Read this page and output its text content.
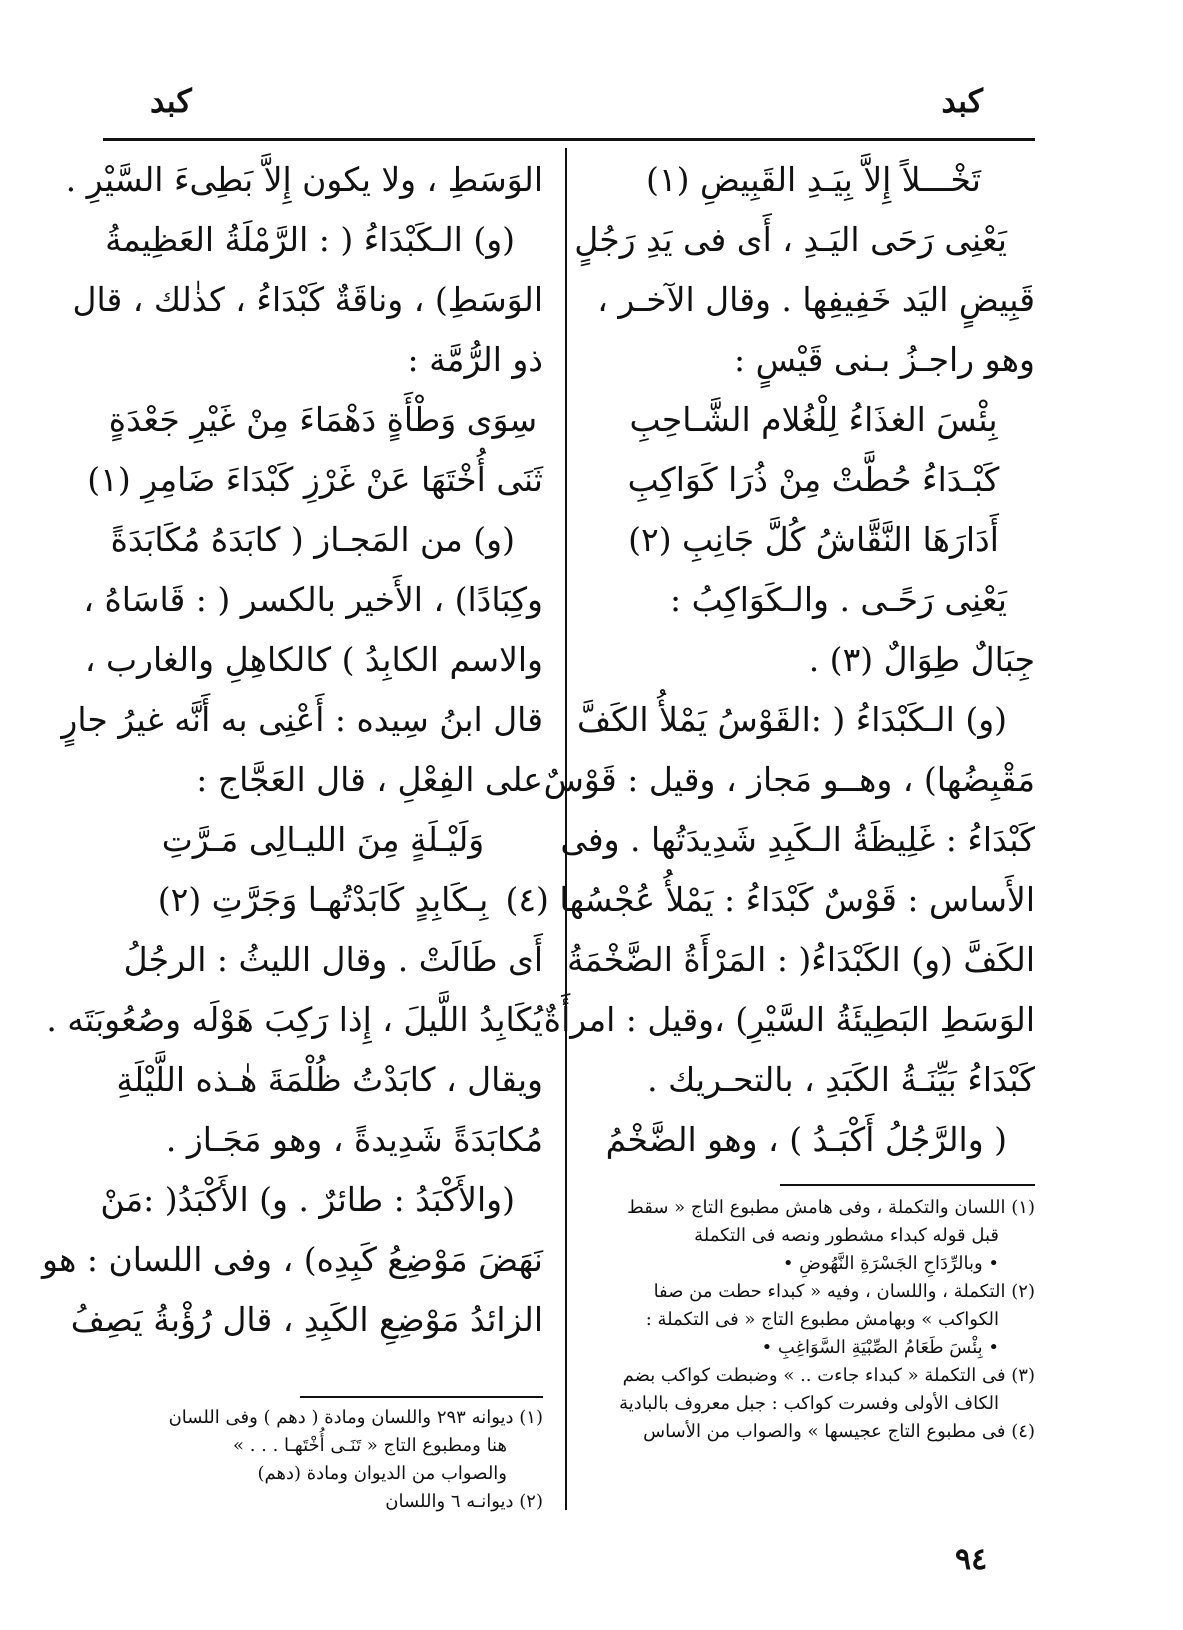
كبد
كبد
تَخْـــلاً إِلاَّ بِيَـدِ القَبِيضِ (١)
يَعْنِى رَحَى اليَـدِ ، أَى فى يَدِ رَجُلٍ
قَبِيضٍ اليَد خَفِيفِها . وقال الآخـر ،
وهو راجـزُ بـنى قَيْسٍ :
بِئْسَ الغذَاءُ لِلْغُلام الشَّـاحِبِ
كَبْـدَاءُ حُطَّتْ مِنْ ذُرَا كَوَاكِبِ
أَدَارَهَا النَّقَّاشُ كُلَّ جَانِبِ (٢)
يَعْنِى رَحًـى . والـكَوَاكِبُ :
جِبَالٌ طِوَالٌ (٣) .
(و) الـكَبْدَاءُ ( :القَوْسُ يَمْلأُ الكَفَّ
مَقْبِضُها) ، وهــو مَجاز ، وقيل : قَوْسٌ
كَبْدَاءُ : غَلِيظَةُ الـكَبِدِ شَدِيدَتُها . وفى
الأَساس : قَوْسٌ كَبْدَاءُ : يَمْلأُ عُجْسُها (٤)
الكَفَّ (و) الكَبْدَاءُ( : المَرْأَةُ الضَّخْمَةُ
الوَسَطِ البَطِيئَةُ السَّيْرِ) ،وقيل : امرأَةٌ
كَبْدَاءُ بَيِّنَـةُ الكَبَدِ ، بالتحـريك .
( والرَّجُلُ أَكْبَـدُ ) ، وهو الضَّخْمُ
الوَسَطِ ، ولا يكون إِلاَّ بَطِىءَ السَّيْرِ .
(و) الـكَبْدَاءُ ( : الرَّمْلَةُ العَظِيمةُ
الوَسَطِ) ، وناقَةٌ كَبْدَاءُ ، كذٰلك ، قال
ذو الرُّمَّة :
سِوَى وَطْأَةٍ دَهْمَاءَ مِنْ غَيْرِ جَعْدَةٍ
ثَنَى أُخْتَهَا عَنْ غَرْزِ كَبْدَاءَ ضَامِرِ (١)
(و) من المَجـاز ( كابَدَهُ مُكَابَدَةً
وكِبَادًا) ، الأَخير بالكسر ( : قَاسَاهُ ،
والاسم الكابِدُ ) كالكاهِلِ والغارب ،
قال ابنُ سِيده : أَعْنِى به أَنَّه غيرُ جارٍ
على الفِعْلِ ، قال العَجَّاج :
وَلَيْـلَةٍ مِنَ الليـالِى مَـرَّتِ
بِـكَابِدٍ كَابَدْتُهـا وَجَرَّتِ (٢)
أَى طَالَتْ . وقال الليثُ : الرجُلُ
يُكَابِدُ اللَّيلَ ، إِذا رَكِبَ هَوْلَه وصُعُوبَتَه .
ويقال ، كابَدْتُ ظُلْمَةَ هٰـذه اللَّيْلَةِ
مُكابَدَةً شَدِيدةً ، وهو مَجَـاز .
(والأَكْبَدُ : طائرٌ . و) الأَكْبَدُ( :مَنْ
نَهَضَ مَوْضِعُ كَبِدِه) ، وفى اللسان : هو
الزائدُ مَوْضِعِ الكَبِدِ ، قال رُؤْبةُ يَصِفُ
(١) اللسان والتكملة ، وفى هامش مطبوع التاج « سقط
قبل قوله كبداء مشطور ونصه فى التكملة
• وبالرِّدَاحِ الجَسْرَةِ النَّهُوضِ •
(٢) التكملة ، واللسان ، وفيه « كبداء حطت من صفا
الكواكب » وبهامش مطبوع التاج « فى التكملة :
• بِئْسَ طَعَامُ الصِّبْيَةِ السَّوَاغِبِ •
(٣) فى التكملة « كبداء جاءت .. » وضبطت كواكب بضم
الكاف الأولى وفسرت كواكب : جبل معروف بالبادية
(٤) فى مطبوع التاج عجيسها » والصواب من الأساس
(١) ديوانه ٢٩٣ واللسان ومادة ( دهم ) وفى اللسان
هنا ومطبوع التاج « تَنَـى أُخْتَهـا . . . »
والصواب من الديوان ومادة (دهم)
(٢) ديوانـه ٦ واللسان
٩٤
